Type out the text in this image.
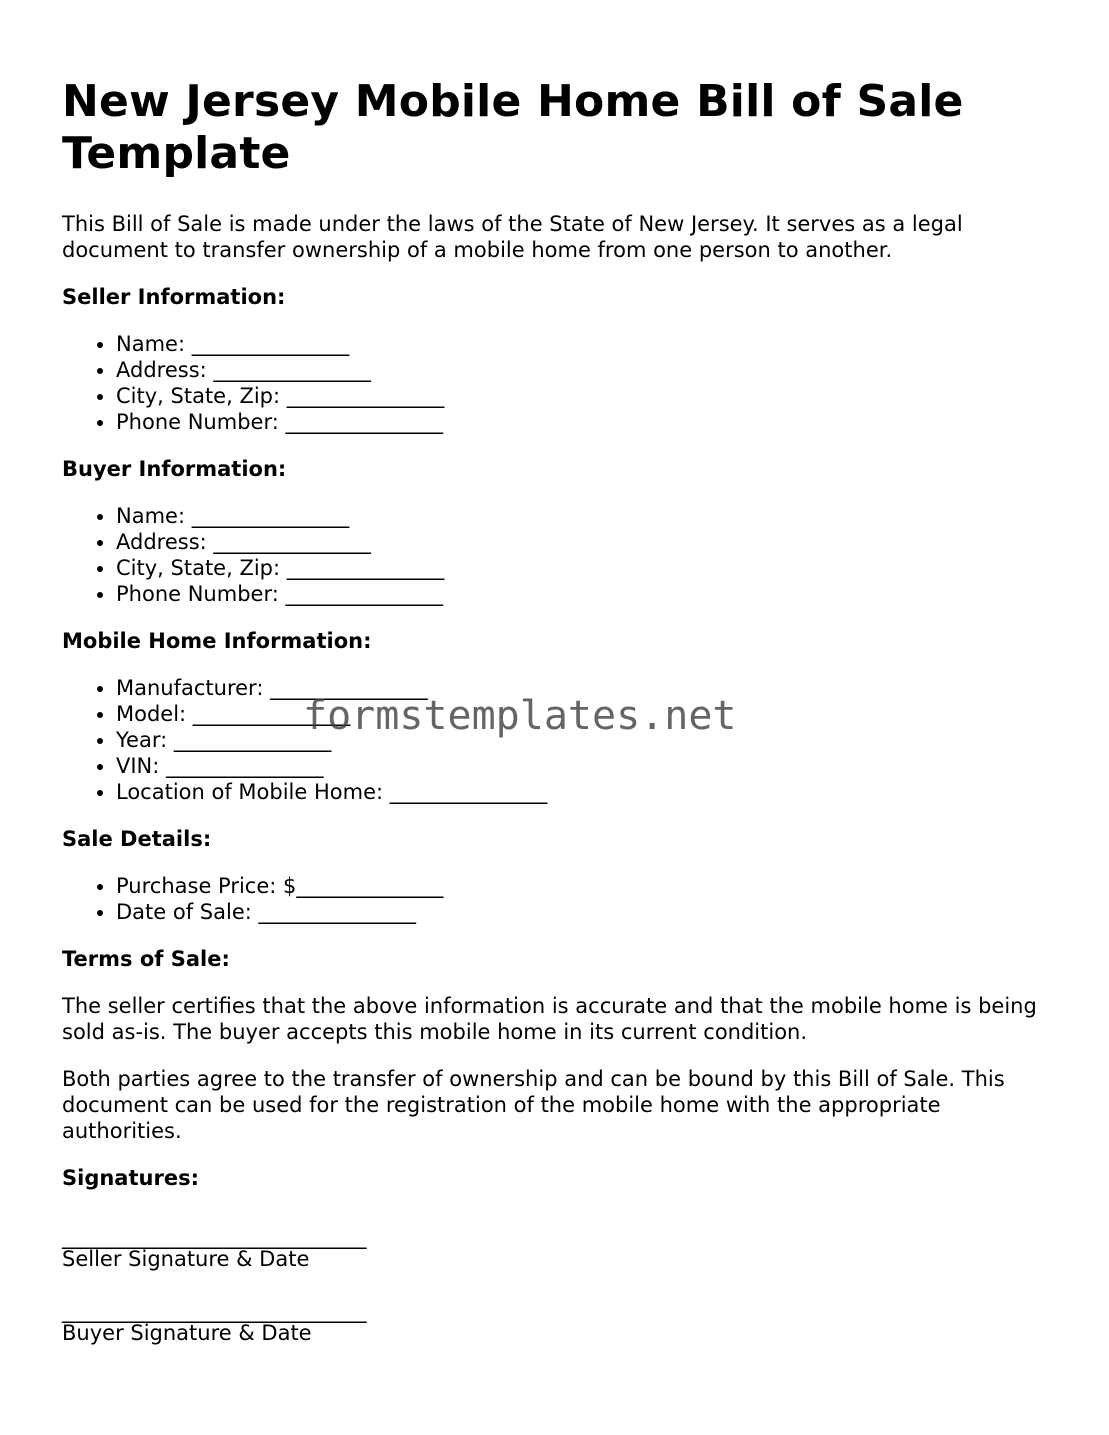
New Jersey Mobile Home Bill of Sale Template

This Bill of Sale is made under the laws of the State of New Jersey. It serves as a legal document to transfer ownership of a mobile home from one person to another.

Seller Information:
• Name: _______________
• Address: _______________
• City, State, Zip: _______________
• Phone Number: _______________
Buyer Information:
• Name: _______________
• Address: _______________
• City, State, Zip: _______________
• Phone Number: _______________
Mobile Home Information:
• Manufacturer: _______________
• Model: _______________
• Year: _______________
• VIN: _______________
• Location of Mobile Home: _______________
Sale Details:
• Purchase Price: $______________
• Date of Sale: _______________
Terms of Sale:

The seller certifies that the above information is accurate and that the mobile home is being sold as-is. The buyer accepts this mobile home in its current condition.

Both parties agree to the transfer of ownership and can be bound by this Bill of Sale. This document can be used for the registration of the mobile home with the appropriate authorities.

Signatures:
_____________________________
Seller Signature & Date
_____________________________
Buyer Signature & Date
formstemplates.net
